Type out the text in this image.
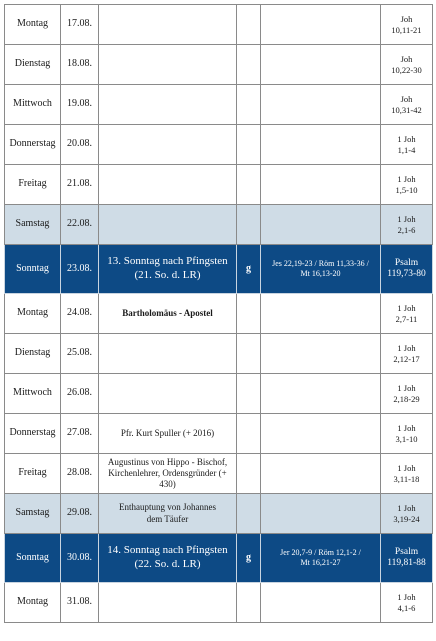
Montag	17.08.				Joh
10,11-21
Dienstag	18.08.				Joh
10,22-30
Mittwoch	19.08.				Joh
10,31-42
Donnerstag	20.08.				1 Joh
1,1-4
Freitag	21.08.				1 Joh
1,5-10
Samstag	22.08.				1 Joh
2,1-6
Sonntag	23.08.	13. Sonntag nach Pfingsten
(21. So. d. LR)	g	Jes 22,19-23 / Röm 11,33-36 /
Mt 16,13-20	Psalm
119,73-80
Montag	24.08.	Bartholomäus - Apostel			1 Joh
2,7-11
Dienstag	25.08.				1 Joh
2,12-17
Mittwoch	26.08.				1 Joh
2,18-29
Donnerstag	27.08.	Pfr. Kurt Spuller (+ 2016)			1 Joh
3,1-10
Freitag	28.08.	Augustinus von Hippo - Bischof,
Kirchenlehrer, Ordensgründer (+ 430)			1 Joh
3,11-18
Samstag	29.08.	Enthauptung von Johannes
dem Täufer			1 Joh
3,19-24
Sonntag	30.08.	14. Sonntag nach Pfingsten
(22. So. d. LR)	g	Jer 20,7-9 / Röm 12,1-2 /
Mt 16,21-27	Psalm
119,81-88
Montag	31.08.				1 Joh
4,1-6
